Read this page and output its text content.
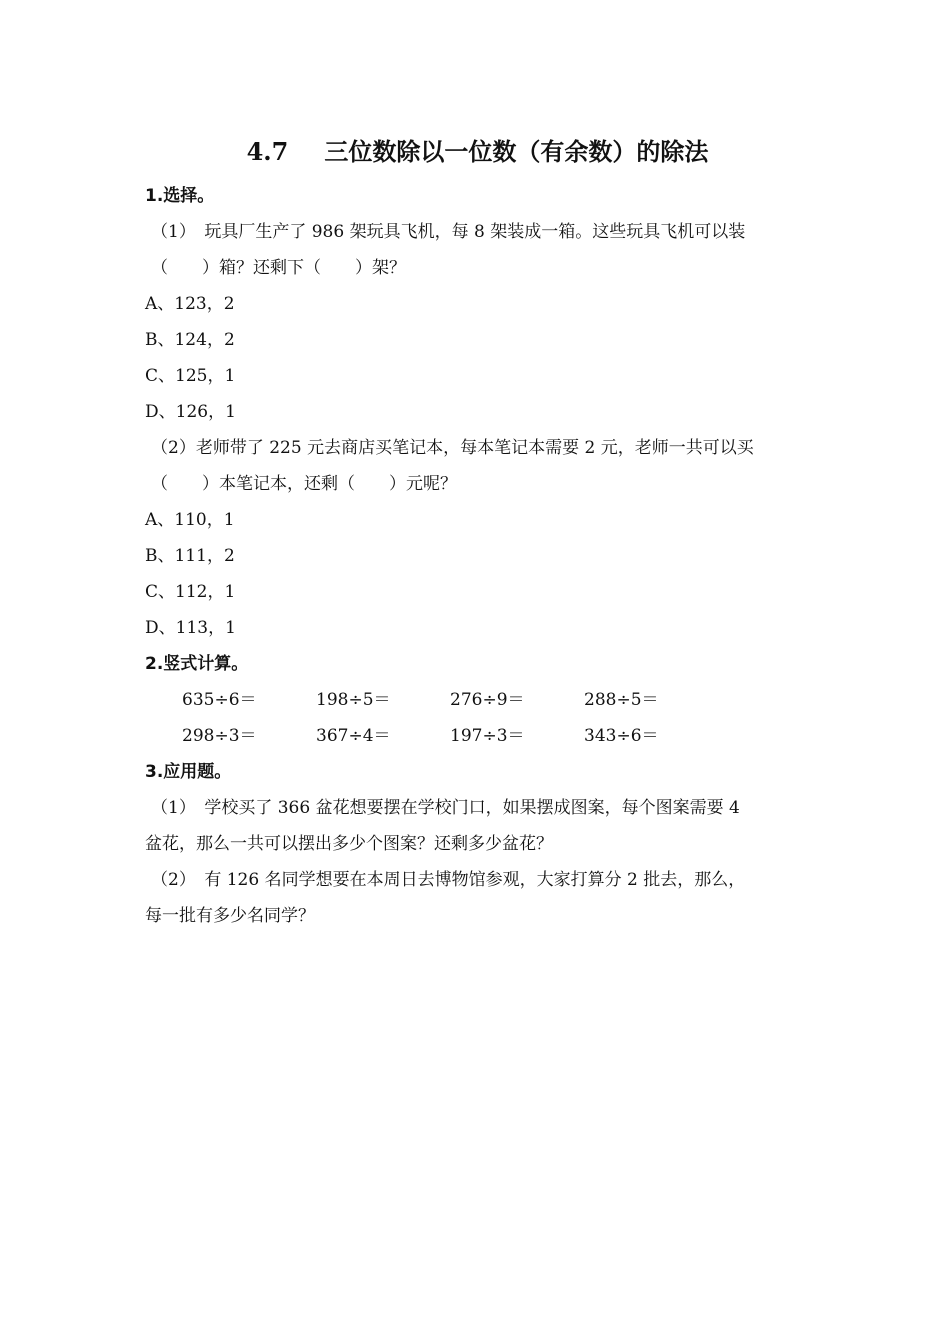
4.7 三位数除以一位数（有余数）的除法
1.选择。
（1）　玩具厂生产了 986 架玩具飞机，每 8 架装成一箱。这些玩具飞机可以装
（　　）箱？还剩下（　　）架？
A、123，2
B、124，2
C、125，1
D、126，1
（2）老师带了 225 元去商店买笔记本，每本笔记本需要 2 元，老师一共可以买
（　　）本笔记本，还剩（　　）元呢？
A、110，1
B、111，2
C、112，1
D、113，1
2.竖式计算。
635÷6＝	198÷5＝	276÷9＝	288÷5＝
298÷3＝	367÷4＝	197÷3＝	343÷6＝
3.应用题。
（1）　学校买了 366 盆花想要摆在学校门口，如果摆成图案，每个图案需要 4
盆花，那么一共可以摆出多少个图案？还剩多少盆花？
（2）　有 126 名同学想要在本周日去博物馆参观，大家打算分 2 批去，那么，
每一批有多少名同学？
